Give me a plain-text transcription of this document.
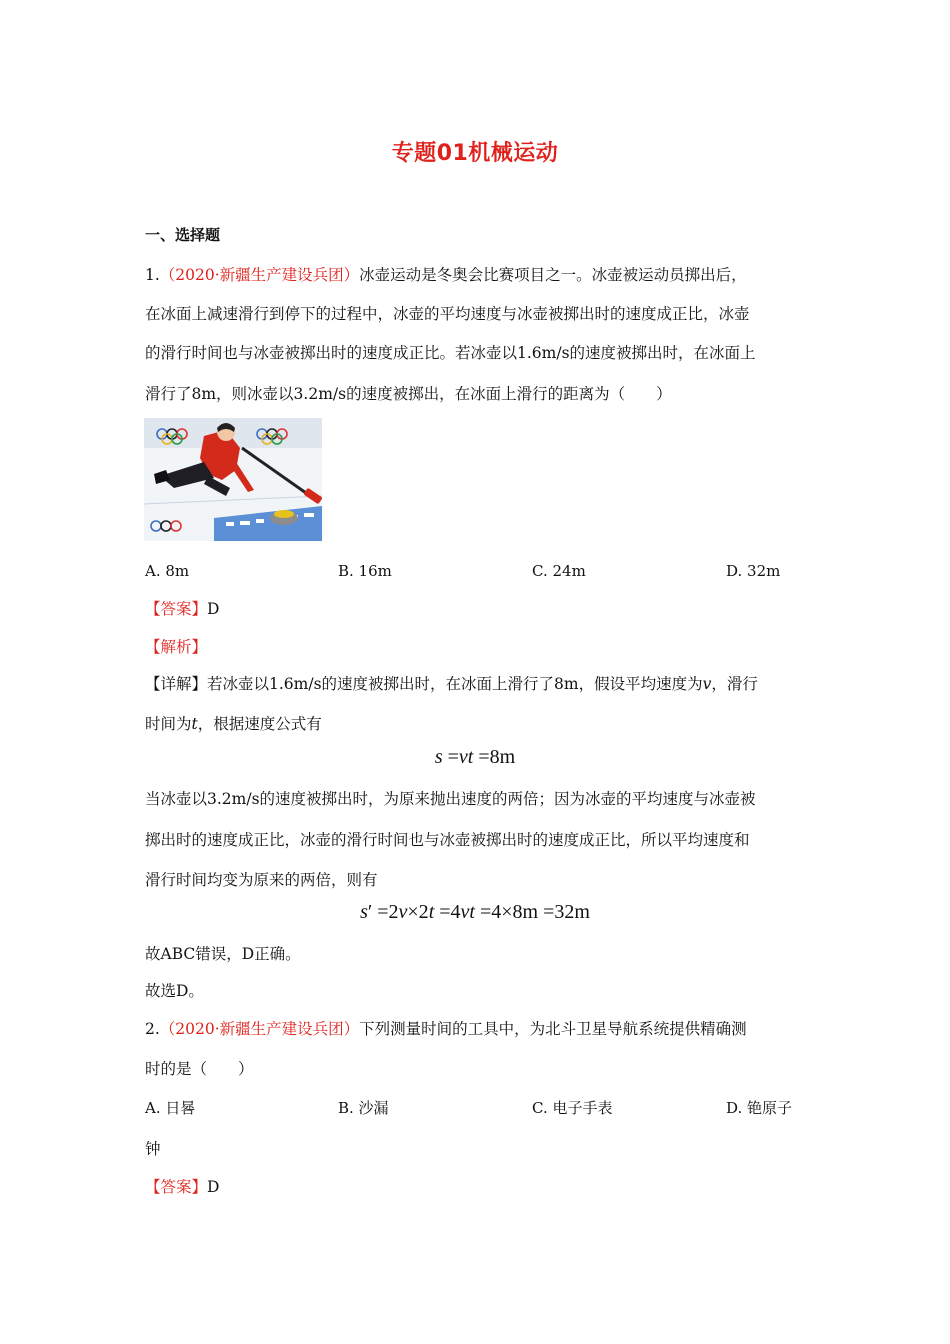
专题01机械运动
一、选择题
1.（2020·新疆生产建设兵团）冰壶运动是冬奥会比赛项目之一。冰壶被运动员掷出后，
在冰面上减速滑行到停下的过程中，冰壶的平均速度与冰壶被掷出时的速度成正比，冰壶
的滑行时间也与冰壶被掷出时的速度成正比。若冰壶以1.6m/s的速度被掷出时，在冰面上
滑行了8m，则冰壶以3.2m/s的速度被掷出，在冰面上滑行的距离为（　　）
A. 8m	B. 16m	C. 24m	D. 32m
【答案】D
【解析】
【详解】若冰壶以1.6m/s的速度被掷出时，在冰面上滑行了8m，假设平均速度为v，滑行
时间为t，根据速度公式有
s =vt =8m
当冰壶以3.2m/s的速度被掷出时，为原来抛出速度的两倍；因为冰壶的平均速度与冰壶被
掷出时的速度成正比，冰壶的滑行时间也与冰壶被掷出时的速度成正比，所以平均速度和
滑行时间均变为原来的两倍，则有
s′ =2v×2t =4vt =4×8m =32m
故ABC错误，D正确。
故选D。
2.（2020·新疆生产建设兵团）下列测量时间的工具中，为北斗卫星导航系统提供精确测
时的是（　　）
A. 日晷	B. 沙漏	C. 电子手表	D. 铯原子
钟
【答案】D
